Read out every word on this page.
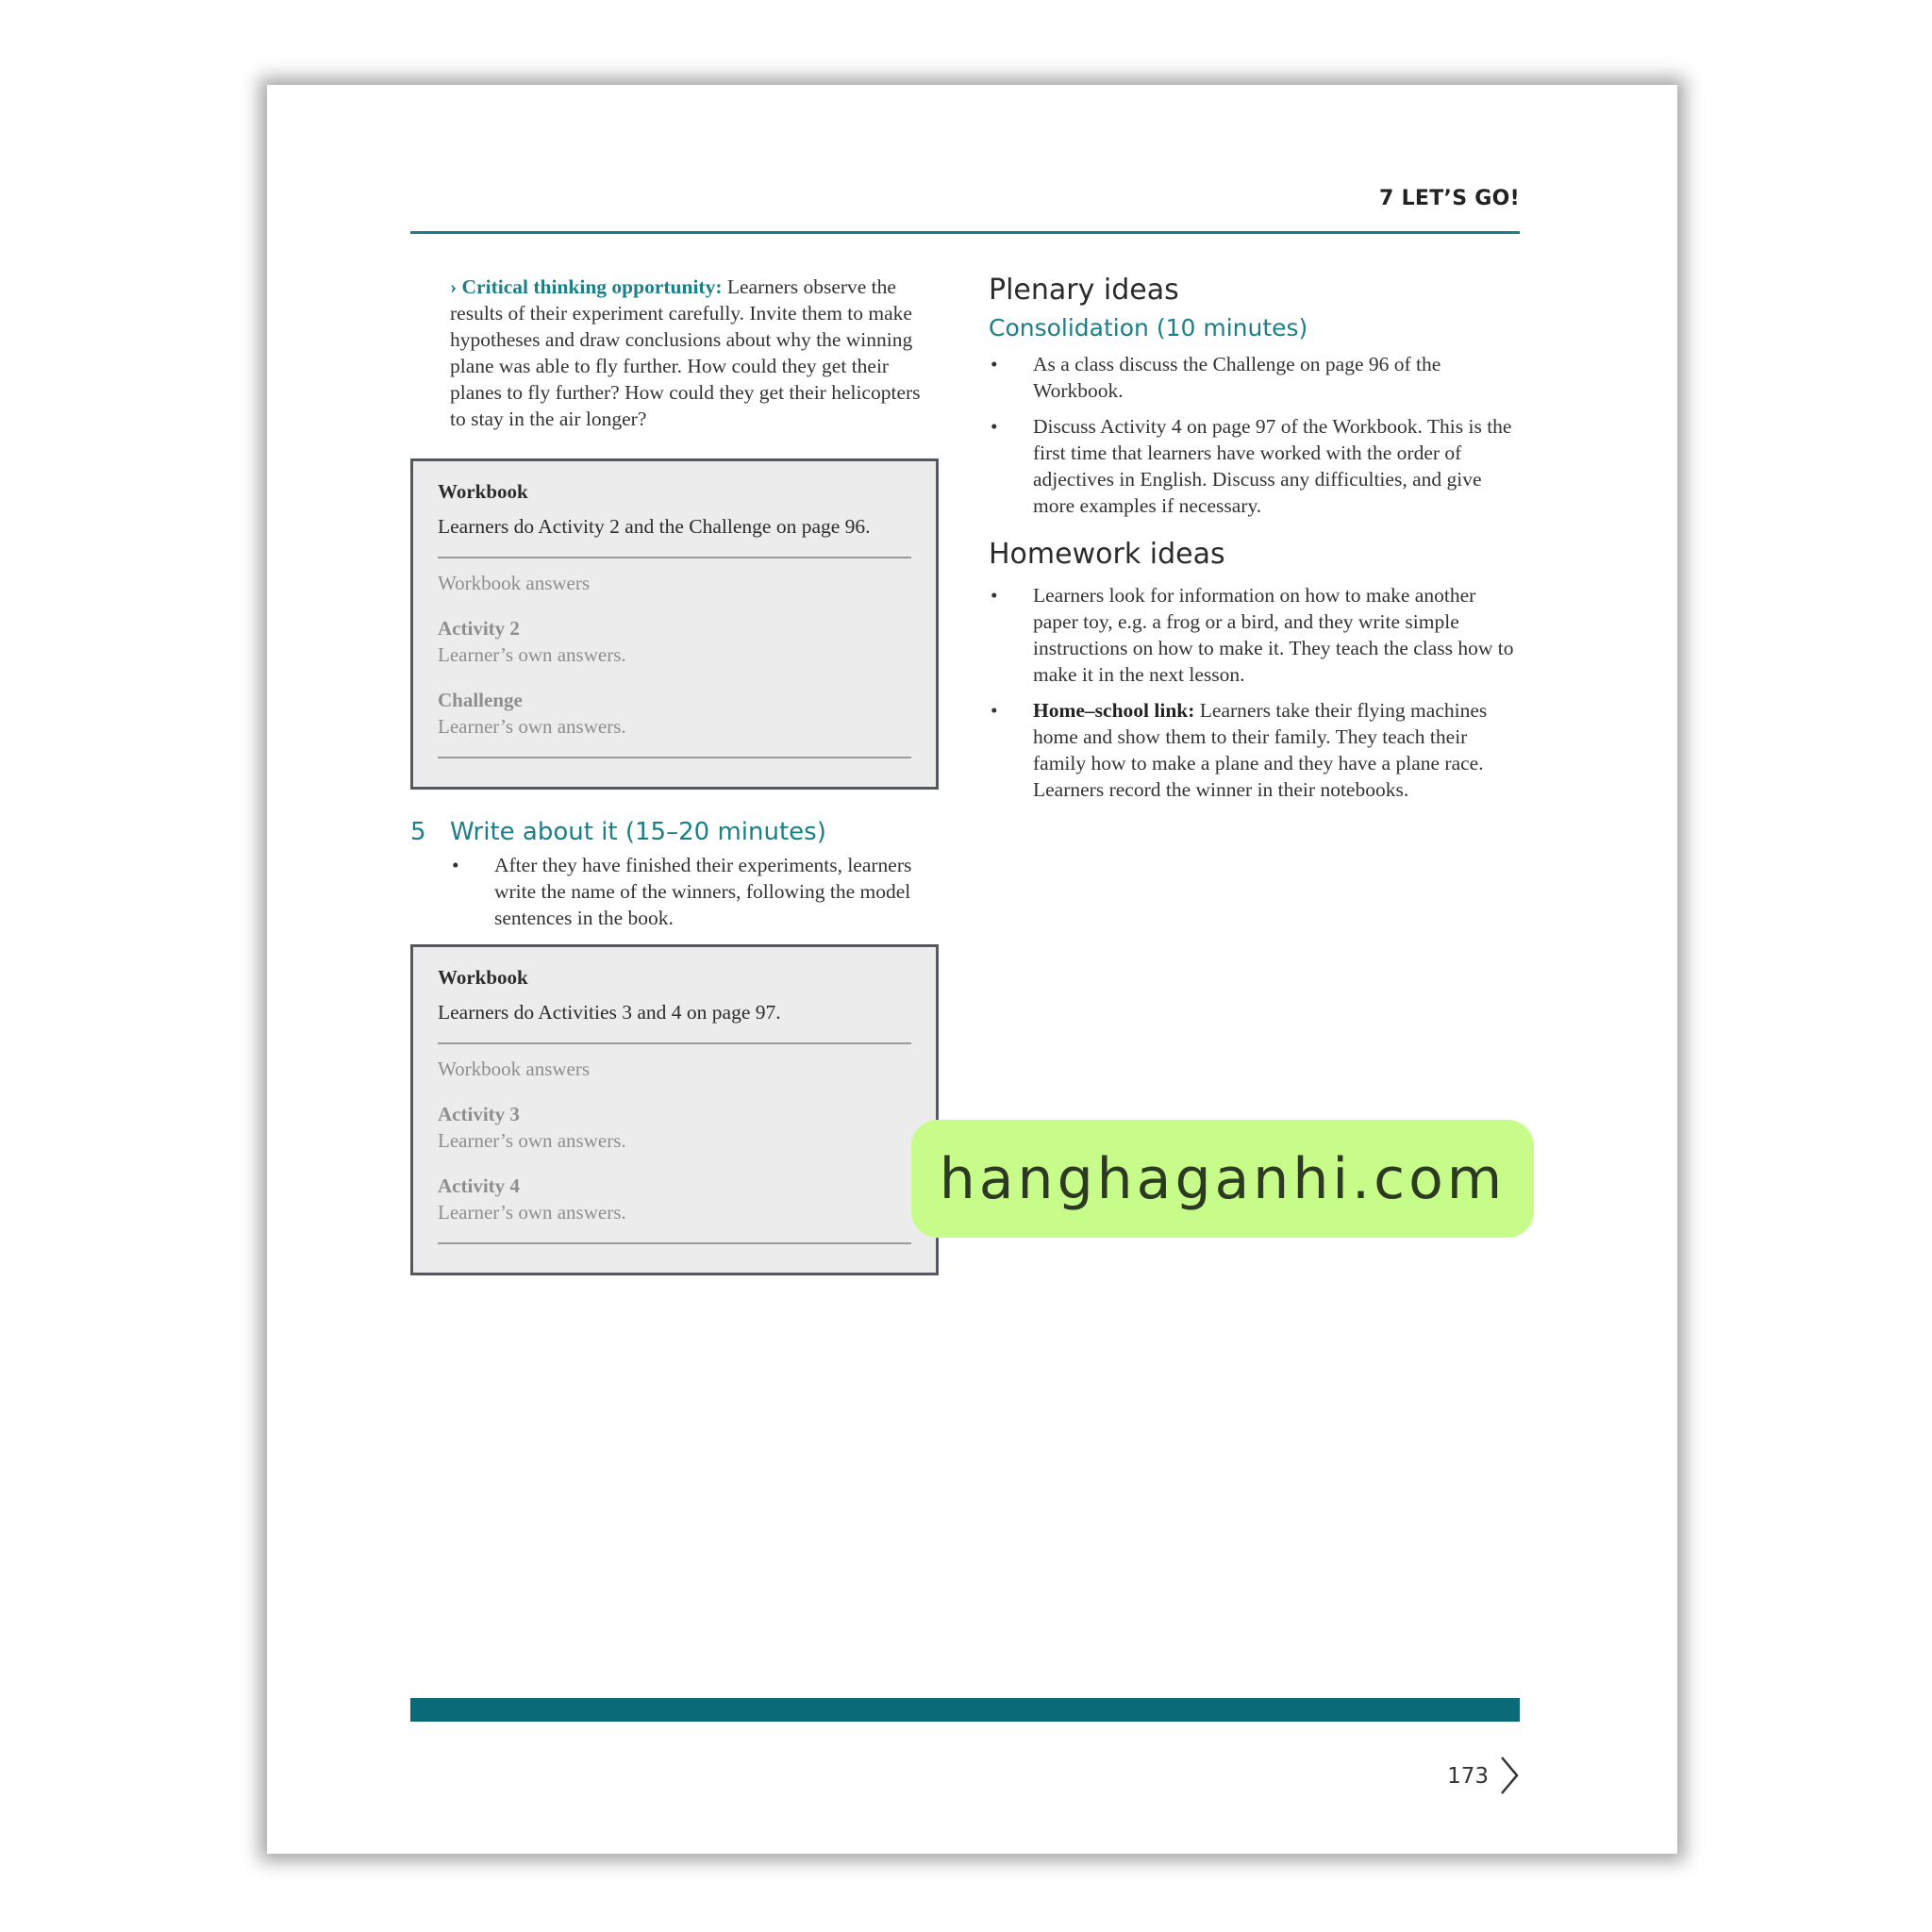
7 LET’S GO!
› Critical thinking opportunity: Learners observe the results of their experiment carefully. Invite them to make hypotheses and draw conclusions about why the winning plane was able to fly further. How could they get their planes to fly further? How could they get their helicopters to stay in the air longer?
Workbook
Learners do Activity 2 and the Challenge on page 96.
Workbook answers
Activity 2
Learner’s own answers.
Challenge
Learner’s own answers.
5 Write about it (15–20 minutes)
• After they have finished their experiments, learners write the name of the winners, following the model sentences in the book.
Workbook
Learners do Activities 3 and 4 on page 97.
Workbook answers
Activity 3
Learner’s own answers.
Activity 4
Learner’s own answers.
Plenary ideas
Consolidation (10 minutes)
• As a class discuss the Challenge on page 96 of the Workbook.
• Discuss Activity 4 on page 97 of the Workbook. This is the first time that learners have worked with the order of adjectives in English. Discuss any difficulties, and give more examples if necessary.
Homework ideas
• Learners look for information on how to make another paper toy, e.g. a frog or a bird, and they write simple instructions on how to make it. They teach the class how to make it in the next lesson.
• Home–school link: Learners take their flying machines home and show them to their family. They teach their family how to make a plane and they have a plane race. Learners record the winner in their notebooks.
173
hanghaganhi.com
